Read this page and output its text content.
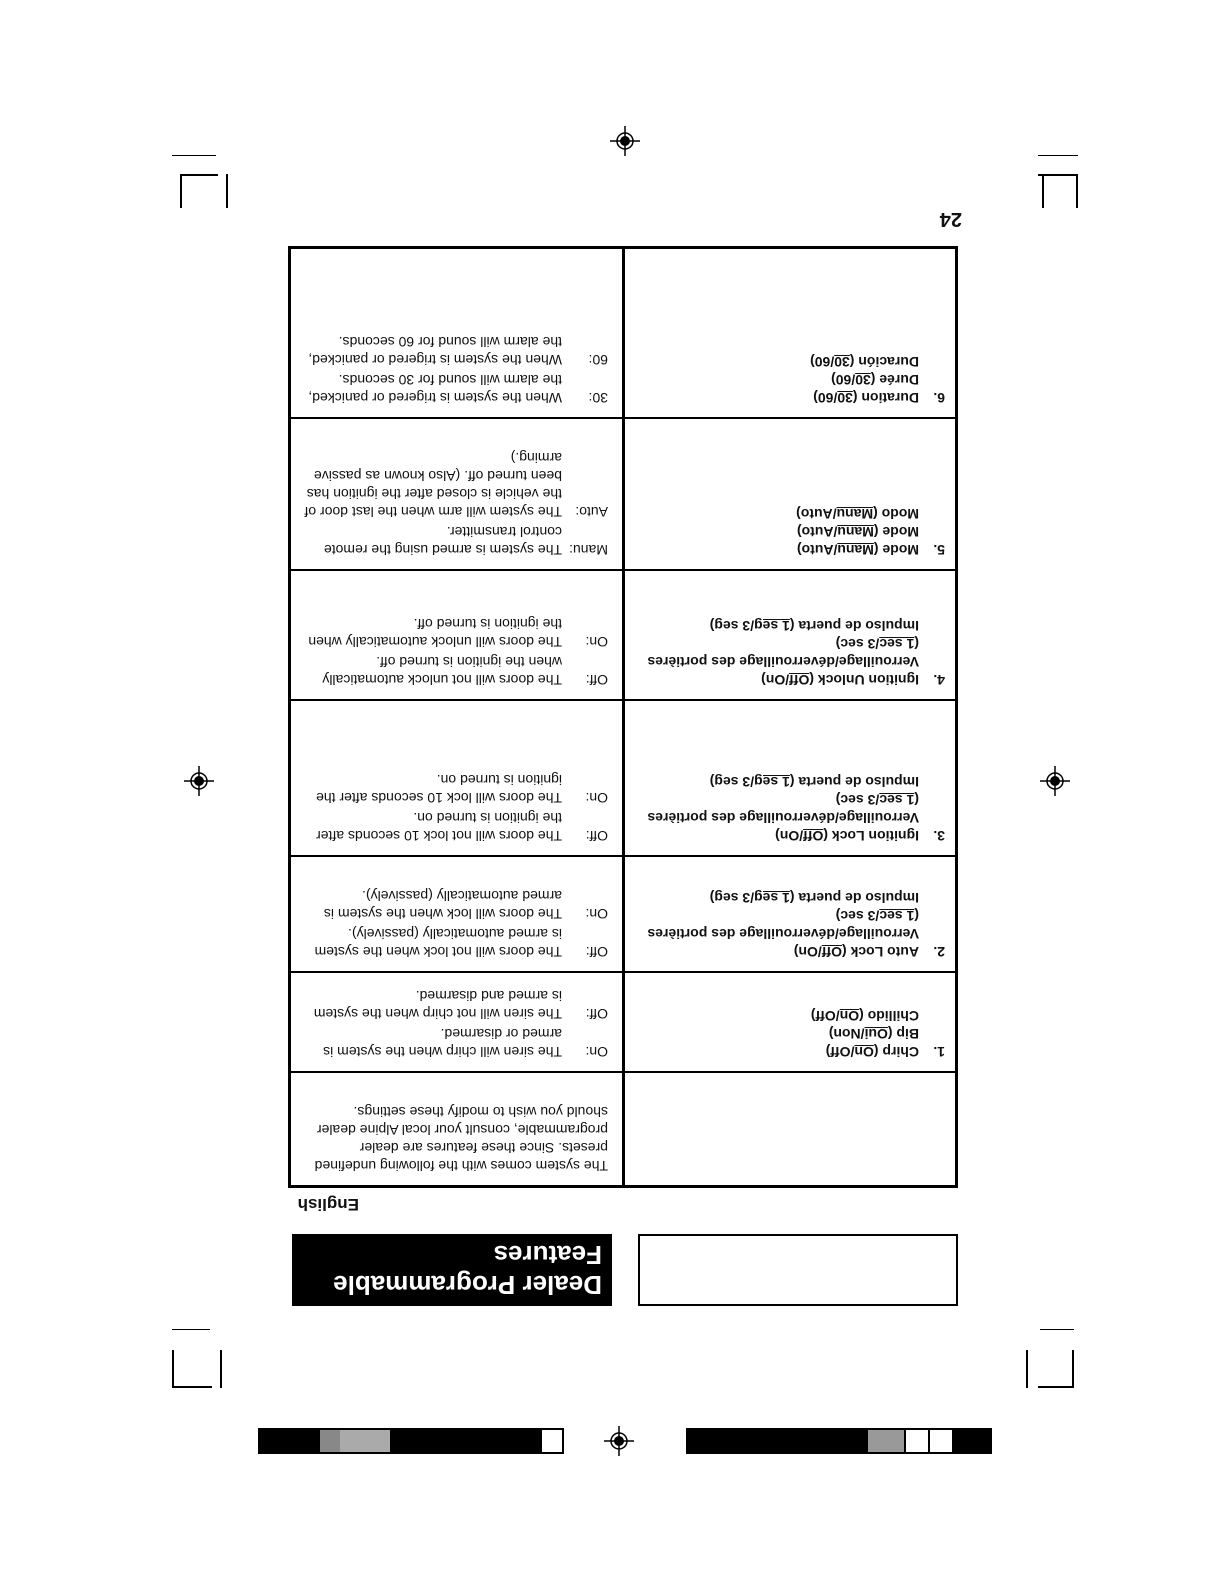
24
Dealer Programmable
Features
English
The system comes with the following undefined presets. Since these features are dealer programmable, consult your local Alpine dealer should you wish to modify these settings.
1.
Chirp (On/Off)
Bip (Oui/Non)
Chillido (On/Off)
On:
The siren will chirp when the system is armed or disarmed.
Off:
The siren will not chirp when the system is armed and disarmed.
2.
Auto Lock (Off/On)
Verrouillage/déverrouillage des portières (1 sec/3 sec)
Impulso de puerta (1 seg/3 seg)
Off:
The doors will not lock when the system is armed automatically (passively).
On:
The doors will lock when the system is armed automatically (passively).
3.
Ignition Lock (Off/On)
Verrouillage/déverrouillage des portières (1 sec/3 sec)
Impulso de puerta (1 seg/3 seg)
Off:
The doors will not lock 10 seconds after the ignition is turned on.
On:
The doors will lock 10 seconds after the ignition is turned on.
4.
Ignition Unlock (Off/On)
Verrouillage/déverrouillage des portières (1 sec/3 sec)
Impulso de puerta (1 seg/3 seg)
Off:
The doors will not unlock automatically when the ignition is turned off.
On:
The doors will unlock automatically when the ignition is turned off.
5.
Mode (Manu/Auto)
Mode (Manu/Auto)
Modo (Manu/Auto)
Manu:
The system is armed using the remote control transmitter.
Auto:
The system will arm when the last door of the vehicle is closed after the ignition has been turned off. (Also known as passive arming.)
6.
Duration (30/60)
Durée (30/60)
Duración (30/60)
30:
When the system is trigered or panicked, the alarm will sound for 30 seconds.
60:
When the system is trigered or panicked, the alarm will sound for 60 seconds.
